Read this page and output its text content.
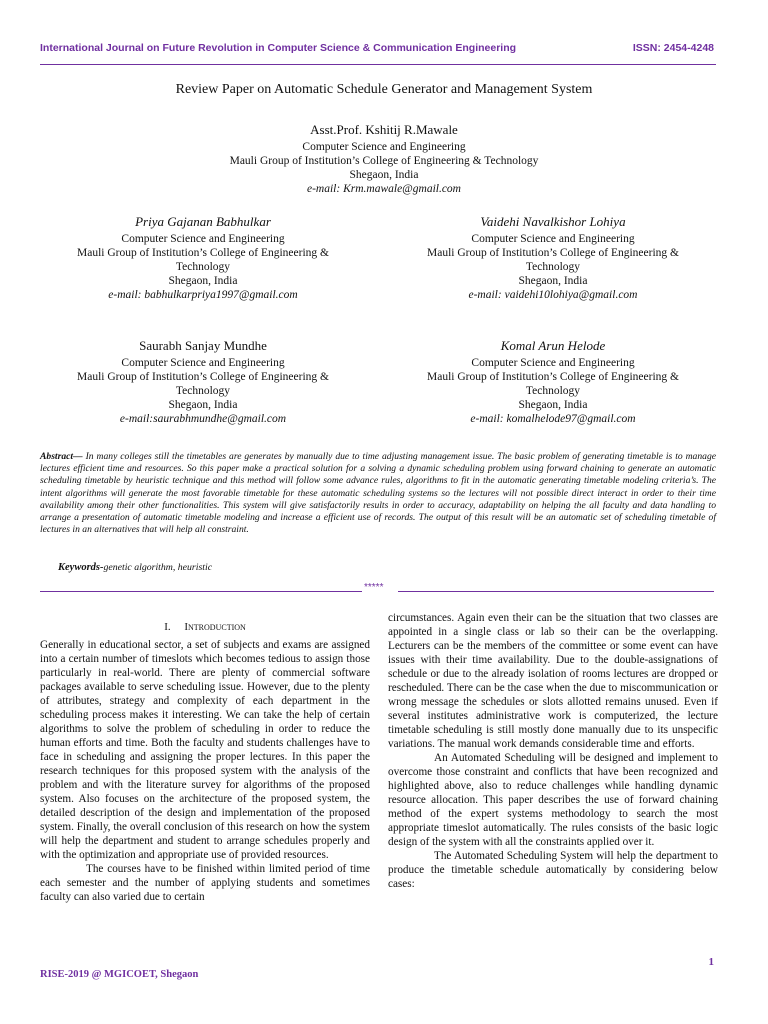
International Journal on Future Revolution in Computer Science & Communication Engineering	ISSN: 2454-4248
Review Paper on Automatic Schedule Generator and Management System
Asst.Prof. Kshitij R.Mawale
Computer Science and Engineering
Mauli Group of Institution’s College of Engineering & Technology
Shegaon, India
e-mail: Krm.mawale@gmail.com
Priya Gajanan Babhulkar
Computer Science and Engineering
Mauli Group of Institution’s College of Engineering &
Technology
Shegaon, India
e-mail: babhulkarpriya1997@gmail.com
Vaidehi Navalkishor Lohiya
Computer Science and Engineering
Mauli Group of Institution’s College of Engineering &
Technology
Shegaon, India
e-mail: vaidehi10lohiya@gmail.com
Saurabh Sanjay Mundhe
Computer Science and Engineering
Mauli Group of Institution’s College of Engineering &
Technology
Shegaon, India
e-mail:saurabhmundhe@gmail.com
Komal Arun Helode
Computer Science and Engineering
Mauli Group of Institution’s College of Engineering &
Technology
Shegaon, India
e-mail: komalhelode97@gmail.com
Abstract— In many colleges still the timetables are generates by manually due to time adjusting management issue. The basic problem of generating timetable is to manage lectures efficient time and resources. So this paper make a practical solution for a solving a dynamic scheduling problem using forward chaining to generate an automatic scheduling timetable by heuristic technique and this method will follow some advance rules, algorithms to fit in the automatic generating timetable modeling criteria’s. The intent algorithms will generate the most favorable timetable for these automatic scheduling systems so the lectures will not possible direct interact in order to their time availability among their other functionalities. This system will give satisfactorily results in order to accuracy, adaptability on helping the all faculty and data handling to arrange a presentation of automatic timetable modeling and increase a efficient use of records. The output of this result will be an automatic set of scheduling timetable of lectures in an alternatives that will help all constraint.
Keywords-genetic algorithm, heuristic
*****
I. Introduction

Generally in educational sector, a set of subjects and exams are assigned into a certain number of timeslots which becomes tedious to assign those particularly in real-world. There are plenty of commercial software packages available to serve scheduling issue. However, due to the plenty of attributes, strategy and complexity of each department in the scheduling process makes it interesting. We can take the help of certain algorithms to solve the problem of scheduling in order to reduce the human efforts and time. Both the faculty and students challenges have to face in scheduling and assigning the proper lectures. In this paper the research techniques for this proposed system with the analysis of the problem and with the literature survey for algorithms of the proposed system. Also focuses on the architecture of the proposed system, the detailed description of the design and implementation of the proposed system. Finally, the overall conclusion of this research on how the system will help the department and student to arrange schedules properly and with the optimization and appropriate use of provided resources.

The courses have to be finished within limited period of time each semester and the number of applying students and sometimes faculty can also varied due to certain

circumstances. Again even their can be the situation that two classes are appointed in a single class or lab so their can be the overlapping. Lecturers can be the members of the committee or some event can have issues with their time availability. Due to the double-assignations of schedule or due to the already isolation of rooms lectures are dropped or rescheduled. There can be the case when the due to miscommunication or wrong message the schedules or slots allotted remains unused. Even if several institutes administrative work is computerized, the lecture timetable scheduling is still mostly done manually due to its unspecific variations. The manual work demands considerable time and efforts.

An Automated Scheduling will be designed and implement to overcome those constraint and conflicts that have been recognized and highlighted above, also to reduce challenges while handling dynamic resource allocation. This paper describes the use of forward chaining method of the expert systems methodology to search the most appropriate timeslot automatically. The rules consists of the basic logic design of the system with all the constraints applied over it.

The Automated Scheduling System will help the department to produce the timetable schedule automatically by considering below cases:

RISE-2019 @ MGICOET, Shegaon
1
